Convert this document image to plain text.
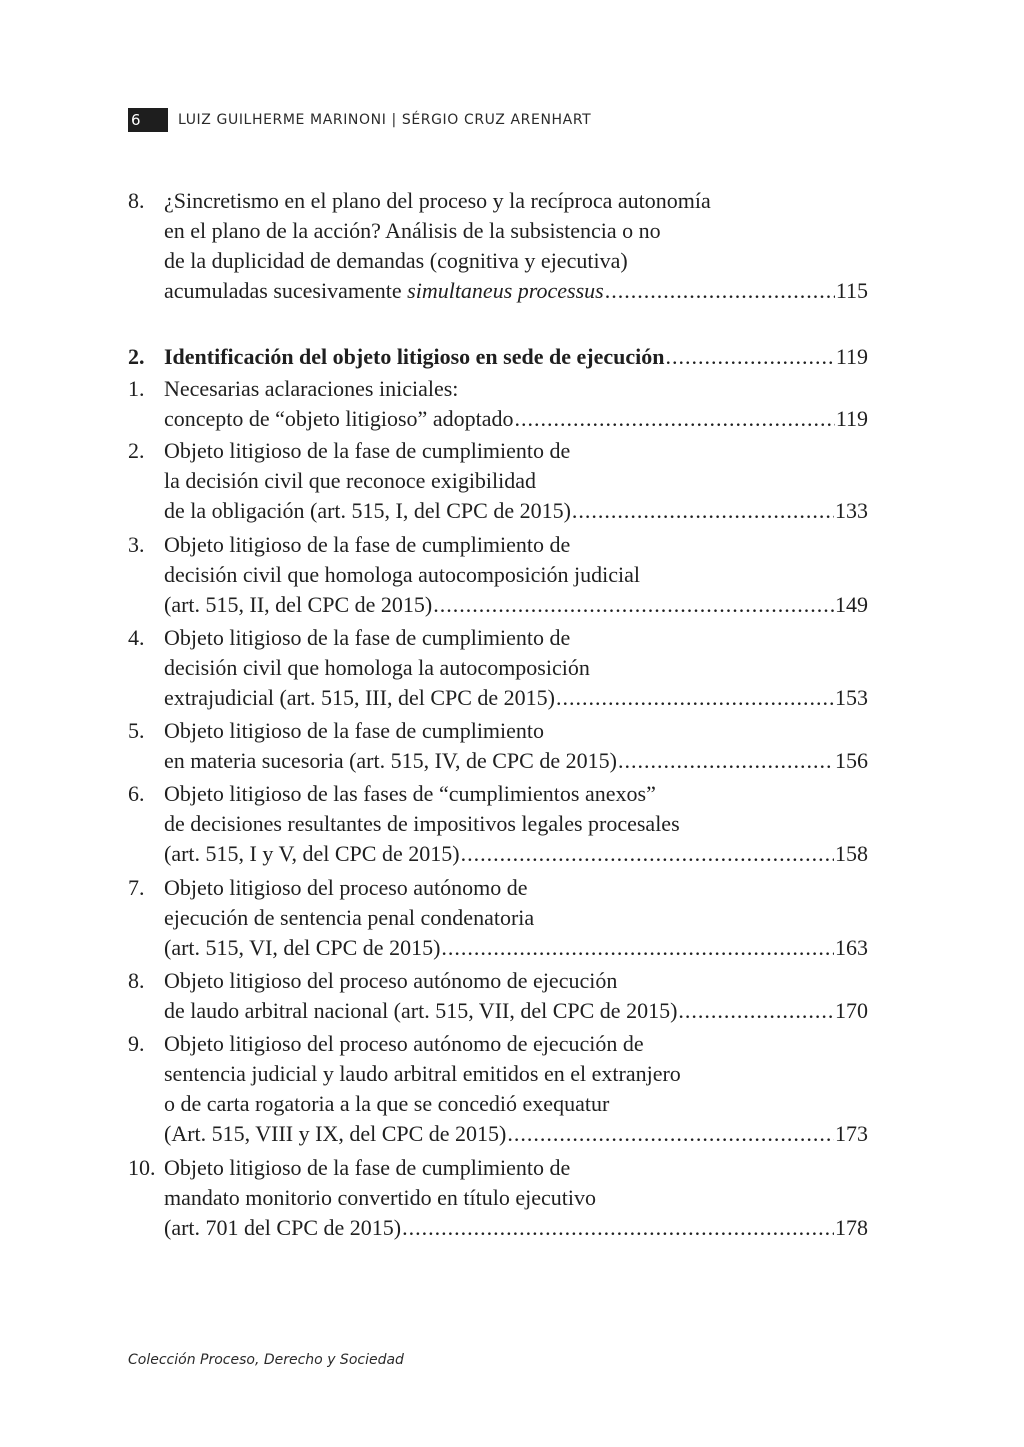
6	LUIZ GUILHERME MARINONI | SÉRGIO CRUZ ARENHART
8. ¿Sincretismo en el plano del proceso y la recíproca autonomía
en el plano de la acción? Análisis de la subsistencia o no
de la duplicidad de demandas (cognitiva y ejecutiva)
acumuladas sucesivamente simultaneus processus .....	115
2. Identificación del objeto litigioso en sede de ejecución .....	119
1. Necesarias aclaraciones iniciales:
concepto de “objeto litigioso” adoptado .....	119
2. Objeto litigioso de la fase de cumplimiento de
la decisión civil que reconoce exigibilidad
de la obligación (art. 515, I, del CPC de 2015) .....	133
3. Objeto litigioso de la fase de cumplimiento de
decisión civil que homologa autocomposición judicial
(art. 515, II, del CPC de 2015) .....	149
4. Objeto litigioso de la fase de cumplimiento de
decisión civil que homologa la autocomposición
extrajudicial (art. 515, III, del CPC de 2015) .....	153
5. Objeto litigioso de la fase de cumplimiento
en materia sucesoria (art. 515, IV, de CPC de 2015) .....	156
6. Objeto litigioso de las fases de “cumplimientos anexos”
de decisiones resultantes de impositivos legales procesales
(art. 515, I y V, del CPC de 2015) .....	158
7. Objeto litigioso del proceso autónomo de
ejecución de sentencia penal condenatoria
(art. 515, VI, del CPC de 2015) .....	163
8. Objeto litigioso del proceso autónomo de ejecución
de laudo arbitral nacional (art. 515, VII, del CPC de 2015) .....	170
9. Objeto litigioso del proceso autónomo de ejecución de
sentencia judicial y laudo arbitral emitidos en el extranjero
o de carta rogatoria a la que se concedió exequatur
(Art. 515, VIII y IX, del CPC de 2015) .....	173
10. Objeto litigioso de la fase de cumplimiento de
mandato monitorio convertido en título ejecutivo
(art. 701 del CPC de 2015) .....	178
Colección Proceso, Derecho y Sociedad
